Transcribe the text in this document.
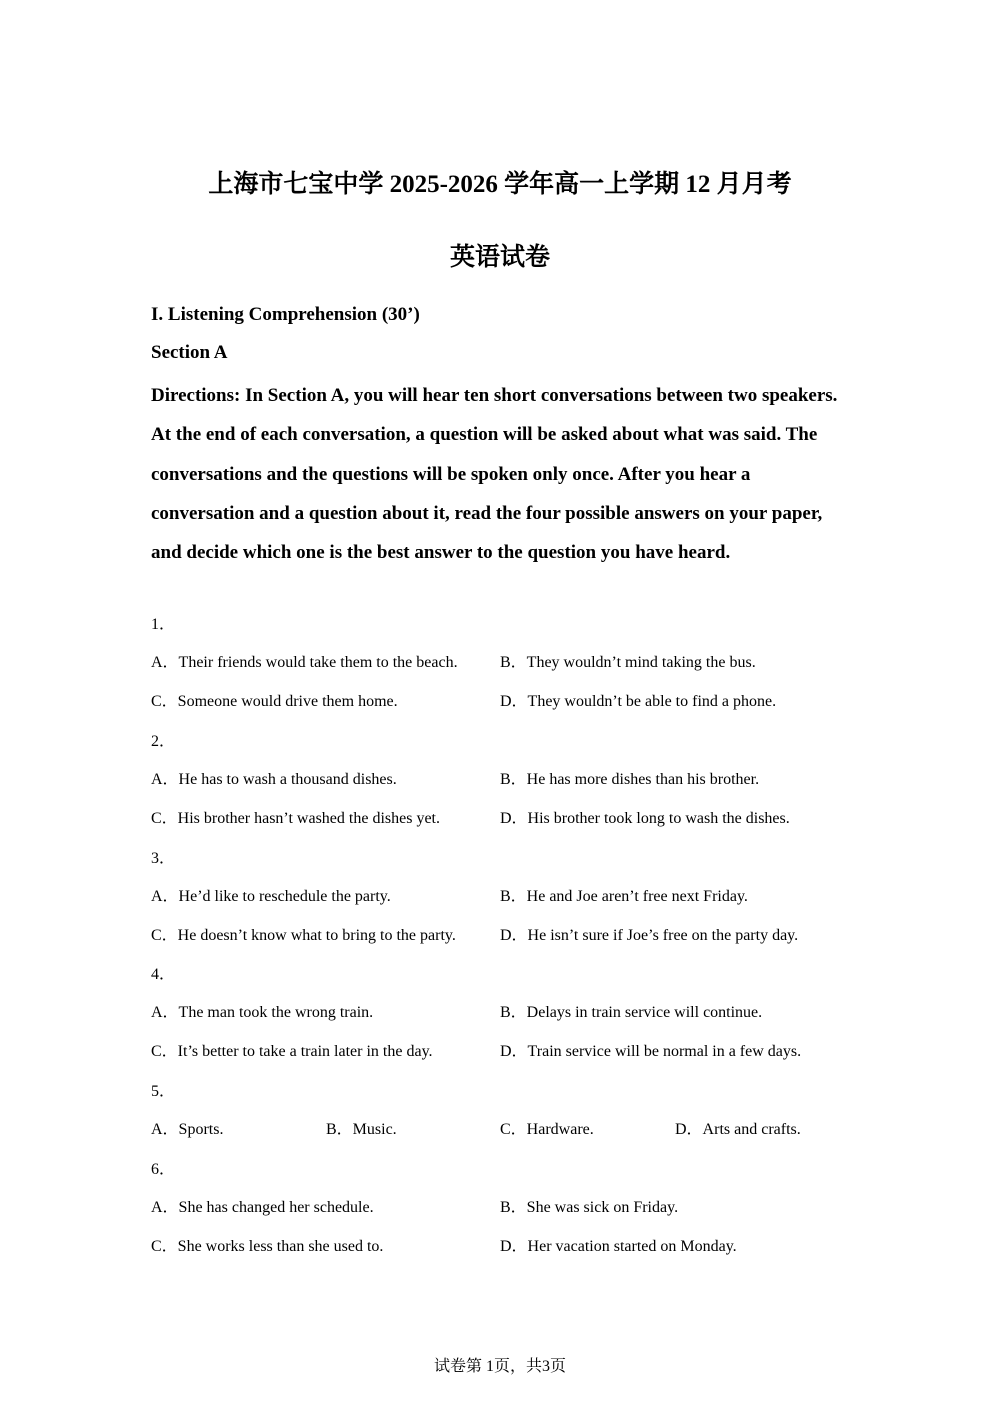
上海市七宝中学 2025-2026 学年高一上学期 12 月月考
英语试卷
I. Listening Comprehension (30’)
Section A
Directions: In Section A, you will hear ten short conversations between two speakers. At the end of each conversation, a question will be asked about what was said. The conversations and the questions will be spoken only once. After you hear a conversation and a question about it, read the four possible answers on your paper, and decide which one is the best answer to the question you have heard.
1．
A．Their friends would take them to the beach.	B．They wouldn’t mind taking the bus.
C．Someone would drive them home.	D．They wouldn’t be able to find a phone.
2．
A．He has to wash a thousand dishes.	B．He has more dishes than his brother.
C．His brother hasn’t washed the dishes yet.	D．His brother took long to wash the dishes.
3．
A．He’d like to reschedule the party.	B．He and Joe aren’t free next Friday.
C．He doesn’t know what to bring to the party.	D．He isn’t sure if Joe’s free on the party day.
4．
A．The man took the wrong train.	B．Delays in train service will continue.
C．It’s better to take a train later in the day.	D．Train service will be normal in a few days.
5．
A．Sports.	B．Music.	C．Hardware.	D．Arts and crafts.
6．
A．She has changed her schedule.	B．She was sick on Friday.
C．She works less than she used to.	D．Her vacation started on Monday.
试卷第 1页，共3页
